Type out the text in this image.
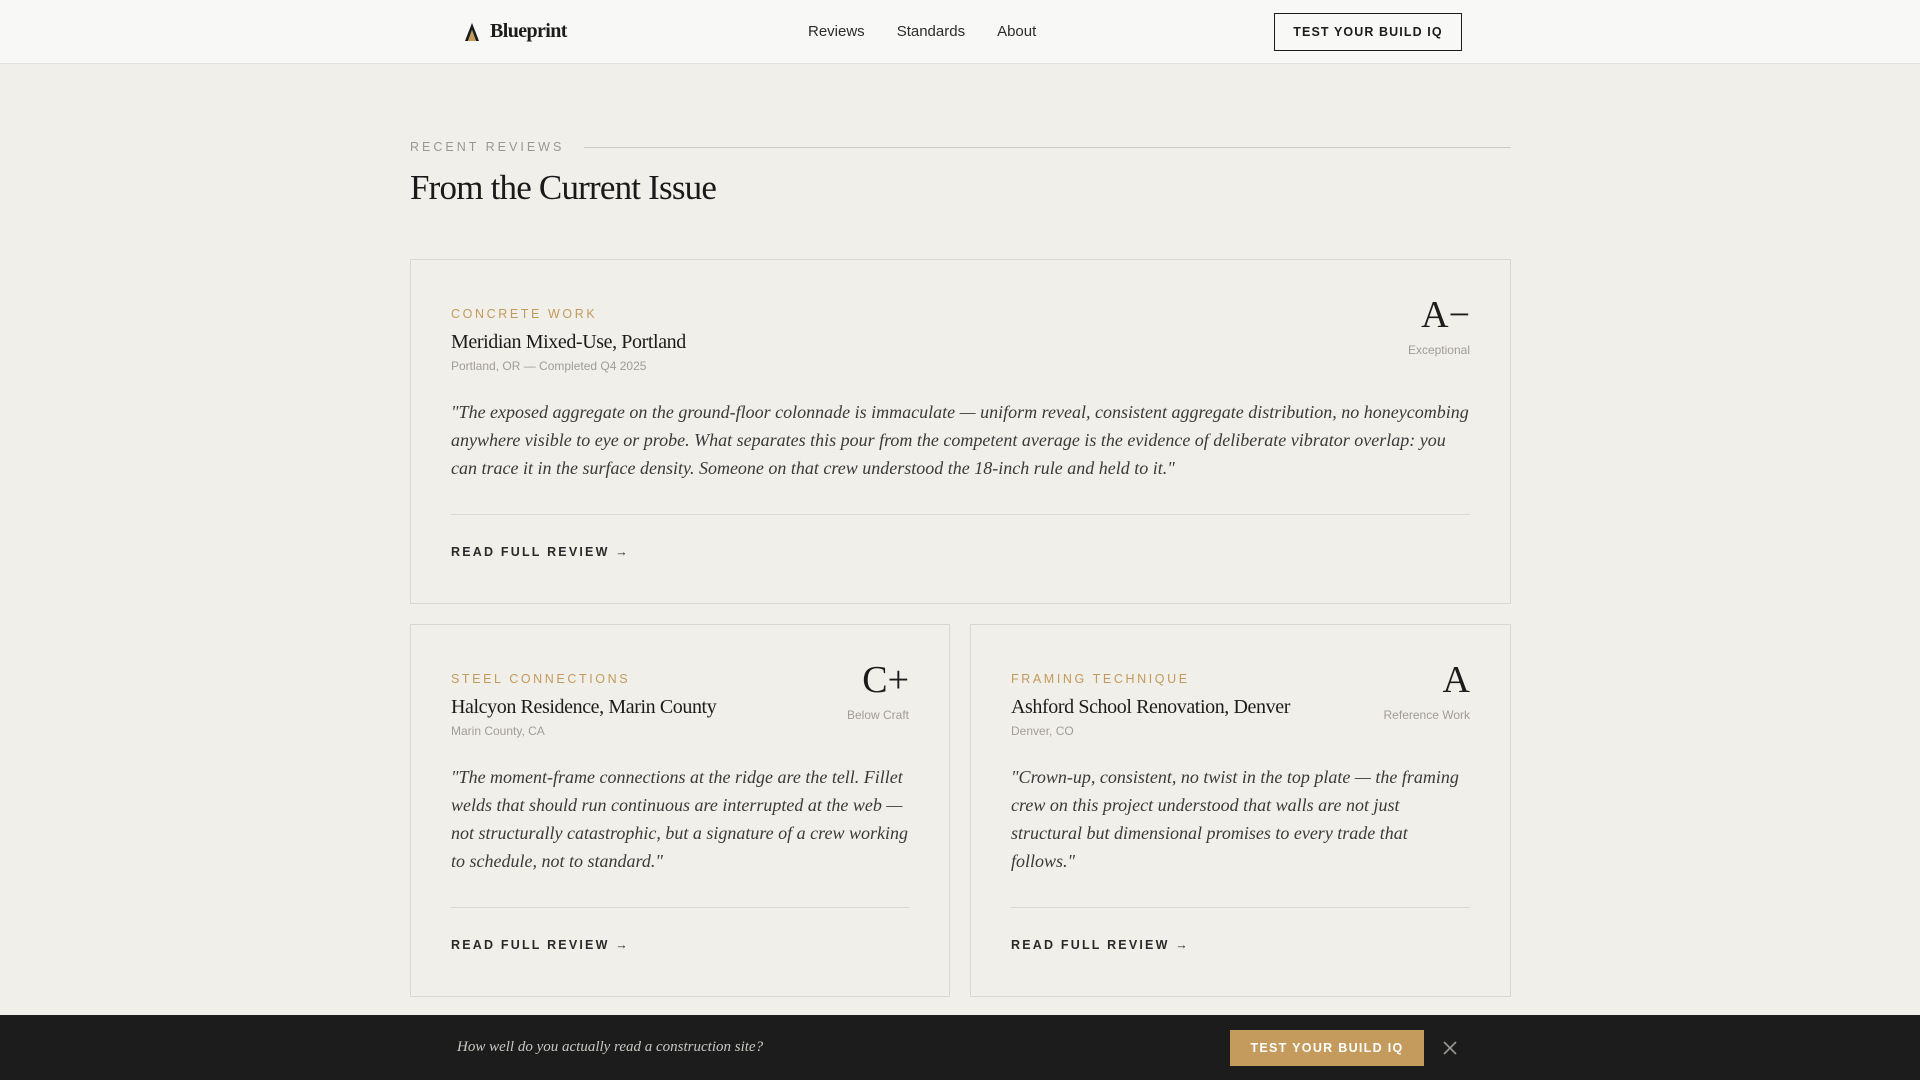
Blueprint	Reviews Standards About	TEST YOUR BUILD IQ
RECENT REVIEWS
From the Current Issue
CONCRETE WORK
Meridian Mixed-Use, Portland
Portland, OR — Completed Q4 2025
A−
Exceptional

"The exposed aggregate on the ground-floor colonnade is immaculate — uniform reveal, consistent aggregate distribution, no honeycombing anywhere visible to eye or probe. What separates this pour from the competent average is the evidence of deliberate vibrator overlap: you can trace it in the surface density. Someone on that crew understood the 18-inch rule and held to it."

READ FULL REVIEW →
STEEL CONNECTIONS
Halcyon Residence, Marin County
Marin County, CA
C+
Below Craft

"The moment-frame connections at the ridge are the tell. Fillet welds that should run continuous are interrupted at the web — not structurally catastrophic, but a signature of a crew working to schedule, not to standard."

READ FULL REVIEW →
FRAMING TECHNIQUE
Ashford School Renovation, Denver
Denver, CO
A
Reference Work

"Crown-up, consistent, no twist in the top plate — the framing crew on this project understood that walls are not just structural but dimensional promises to every trade that follows."

READ FULL REVIEW →
How well do you actually read a construction site?	TEST YOUR BUILD IQ
